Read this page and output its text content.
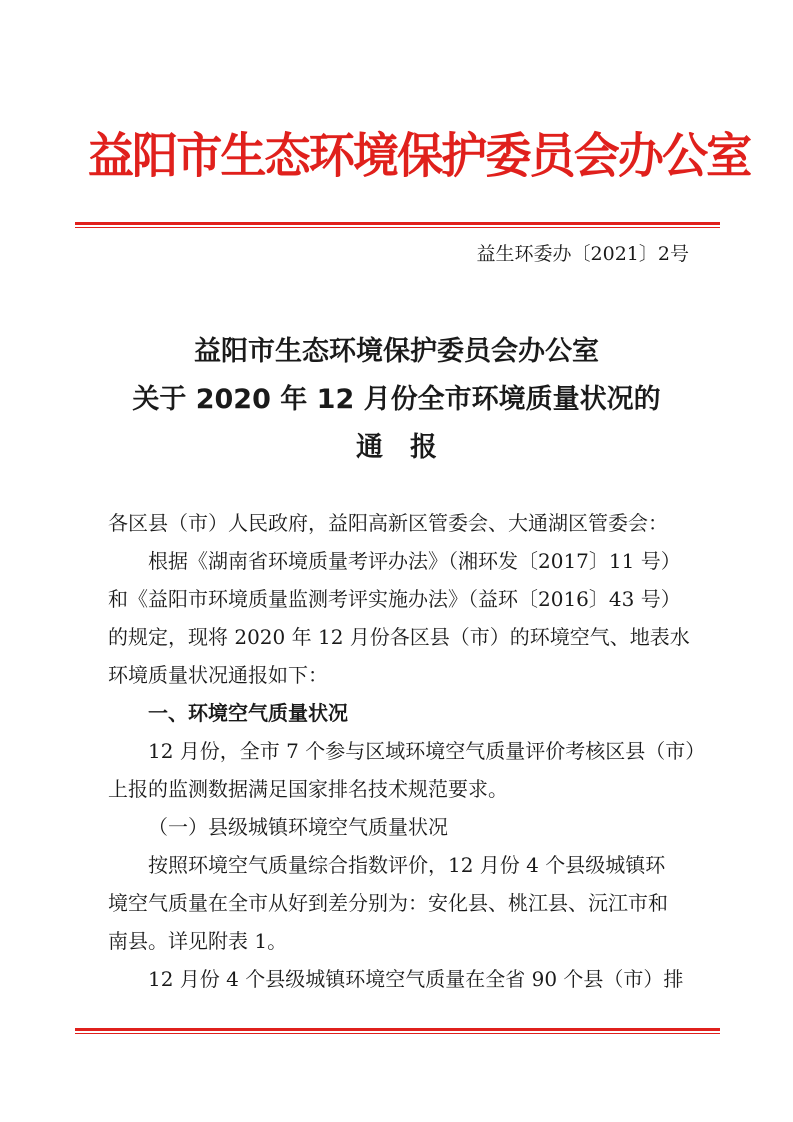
益阳市生态环境保护委员会办公室
益生环委办〔2021〕2号
益阳市生态环境保护委员会办公室
关于 2020 年 12 月份全市环境质量状况的
通　报
各区县（市）人民政府，益阳高新区管委会、大通湖区管委会：
根据《湖南省环境质量考评办法》（湘环发〔2017〕11 号）
和《益阳市环境质量监测考评实施办法》（益环〔2016〕43 号）
的规定，现将 2020 年 12 月份各区县（市）的环境空气、地表水
环境质量状况通报如下：
一、环境空气质量状况
12 月份，全市 7 个参与区域环境空气质量评价考核区县（市）
上报的监测数据满足国家排名技术规范要求。
（一）县级城镇环境空气质量状况
按照环境空气质量综合指数评价，12 月份 4 个县级城镇环
境空气质量在全市从好到差分别为：安化县、桃江县、沅江市和
南县。详见附表 1。
12 月份 4 个县级城镇环境空气质量在全省 90 个县（市）排
